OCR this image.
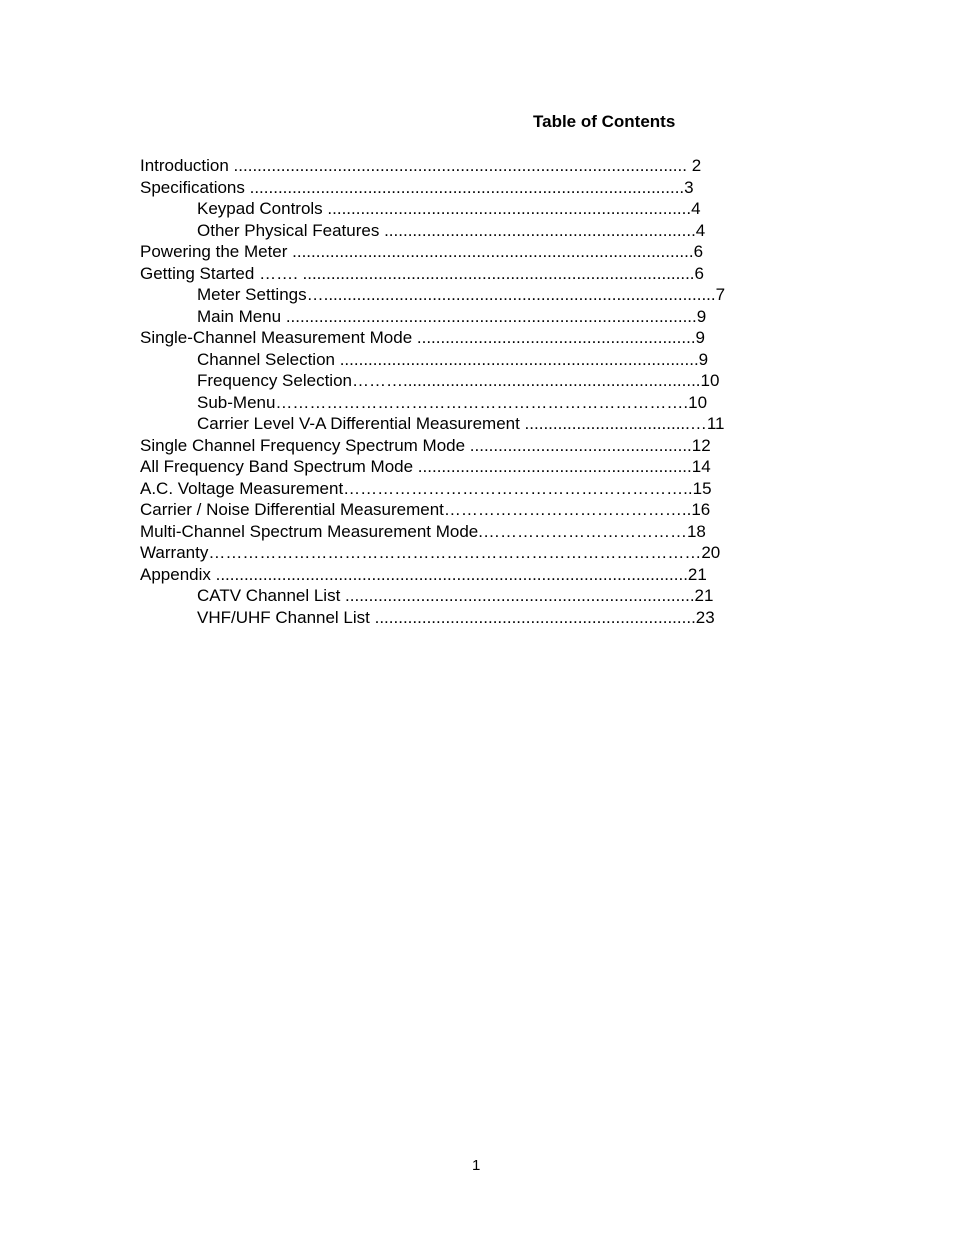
Table of Contents
Introduction ................................................................................................ 2
Specifications ............................................................................................3
Keypad Controls .............................................................................4
Other Physical Features ..................................................................4
Powering the Meter .....................................................................................6
Getting Started ……. ...................................................................................6
Meter Settings…...................................................................................7
Main Menu .......................................................................................9
Single-Channel Measurement Mode ...........................................................9
Channel Selection ............................................................................9
Frequency Selection………...............................................................10
Sub-Menu……………………………………………………………….10
Carrier Level V-A Differential Measurement ...................................…11
Single Channel Frequency Spectrum Mode ...............................................12
All Frequency Band Spectrum Mode ..........................................................14
A.C. Voltage Measurement……………………………………………………..15
Carrier / Noise Differential Measurement……………………………………..16
Multi-Channel Spectrum Measurement Mode.………………………………18
Warranty……………………………………………………………………………20
Appendix ....................................................................................................21
CATV Channel List ..........................................................................21
VHF/UHF Channel List ....................................................................23
1
